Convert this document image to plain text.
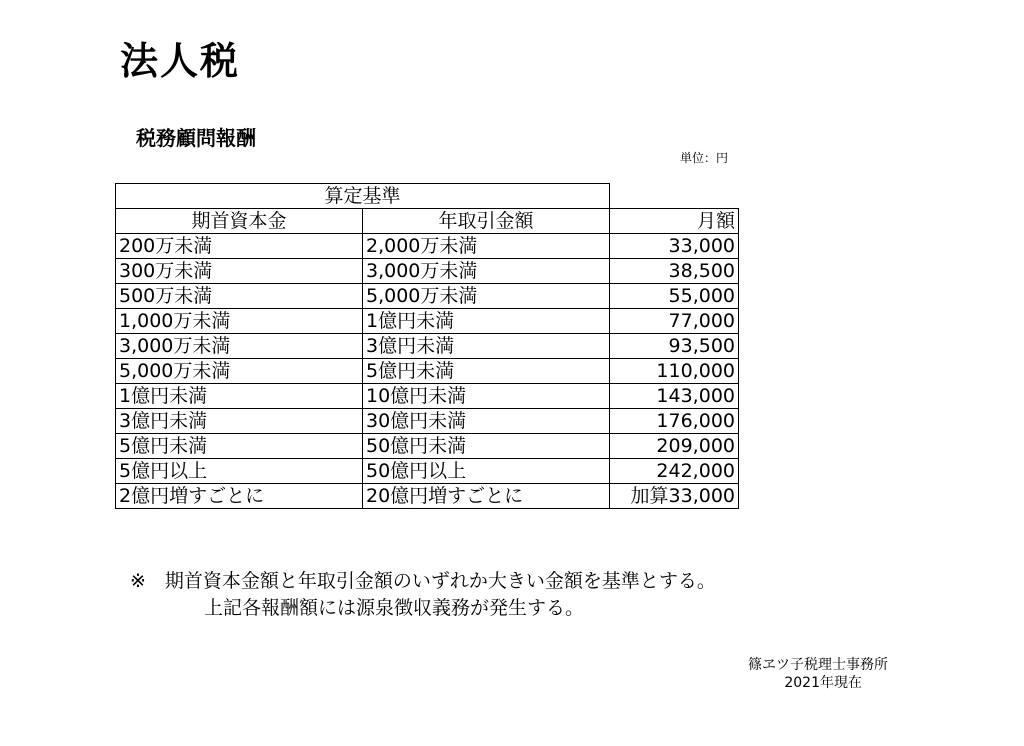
法人税
税務顧問報酬
単位：円
算定基準		
期首資本金	年取引金額	月額
200万未満	2,000万未満	33,000
300万未満	3,000万未満	38,500
500万未満	5,000万未満	55,000
1,000万未満	1億円未満	77,000
3,000万未満	3億円未満	93,500
5,000万未満	5億円未満	110,000
1億円未満	10億円未満	143,000
3億円未満	30億円未満	176,000
5億円未満	50億円未満	209,000
5億円以上	50億円以上	242,000
2億円増すごとに	20億円増すごとに	加算33,000
※　期首資本金額と年取引金額のいずれか大きい金額を基準とする。
上記各報酬額には源泉徴収義務が発生する。
篠ヱツ子税理士事務所
2021年現在
